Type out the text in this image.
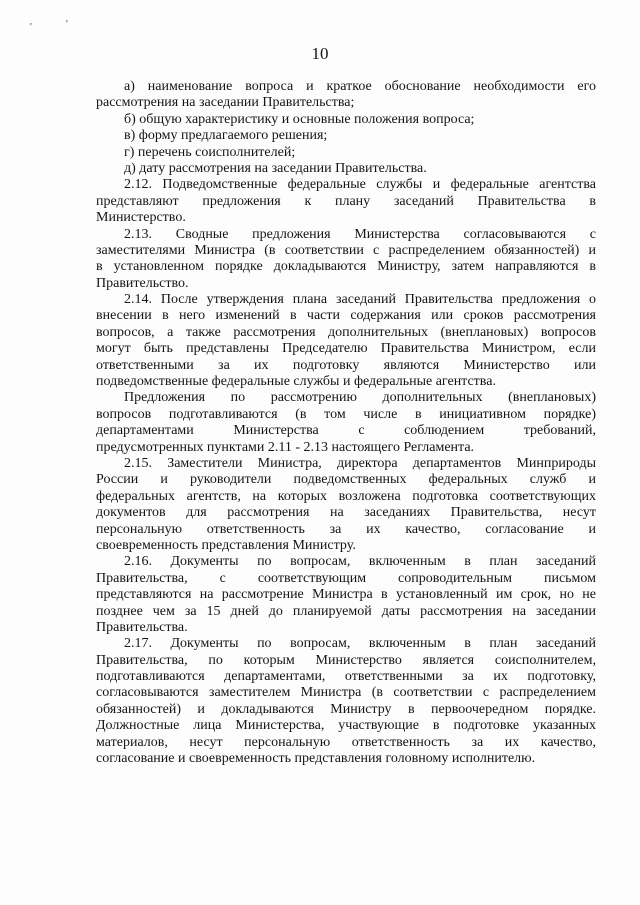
'	'
10
а) наименование вопроса и краткое обоснование необходимости его
рассмотрения на заседании Правительства;
б) общую характеристику и основные положения вопроса;
в) форму предлагаемого решения;
г) перечень соисполнителей;
д) дату рассмотрения на заседании Правительства.
2.12. Подведомственные федеральные службы и федеральные агентства
представляют предложения к плану заседаний Правительства в
Министерство.
2.13. Сводные предложения Министерства согласовываются с
заместителями Министра (в соответствии с распределением обязанностей) и
в установленном порядке докладываются Министру, затем направляются в
Правительство.
2.14. После утверждения плана заседаний Правительства предложения о
внесении в него изменений в части содержания или сроков рассмотрения
вопросов, а также рассмотрения дополнительных (внеплановых) вопросов
могут быть представлены Председателю Правительства Министром, если
ответственными за их подготовку являются Министерство или
подведомственные федеральные службы и федеральные агентства.
Предложения по рассмотрению дополнительных (внеплановых)
вопросов подготавливаются (в том числе в инициативном порядке)
департаментами Министерства с соблюдением требований,
предусмотренных пунктами 2.11 - 2.13 настоящего Регламента.
2.15. Заместители Министра, директора департаментов Минприроды
России и руководители подведомственных федеральных служб и
федеральных агентств, на которых возложена подготовка соответствующих
документов для рассмотрения на заседаниях Правительства, несут
персональную ответственность за их качество, согласование и
своевременность представления Министру.
2.16. Документы по вопросам, включенным в план заседаний
Правительства, с соответствующим сопроводительным письмом
представляются на рассмотрение Министра в установленный им срок, но не
позднее чем за 15 дней до планируемой даты рассмотрения на заседании
Правительства.
2.17. Документы по вопросам, включенным в план заседаний
Правительства, по которым Министерство является соисполнителем,
подготавливаются департаментами, ответственными за их подготовку,
согласовываются заместителем Министра (в соответствии с распределением
обязанностей) и докладываются Министру в первоочередном порядке.
Должностные лица Министерства, участвующие в подготовке указанных
материалов, несут персональную ответственность за их качество,
согласование и своевременность представления головному исполнителю.
